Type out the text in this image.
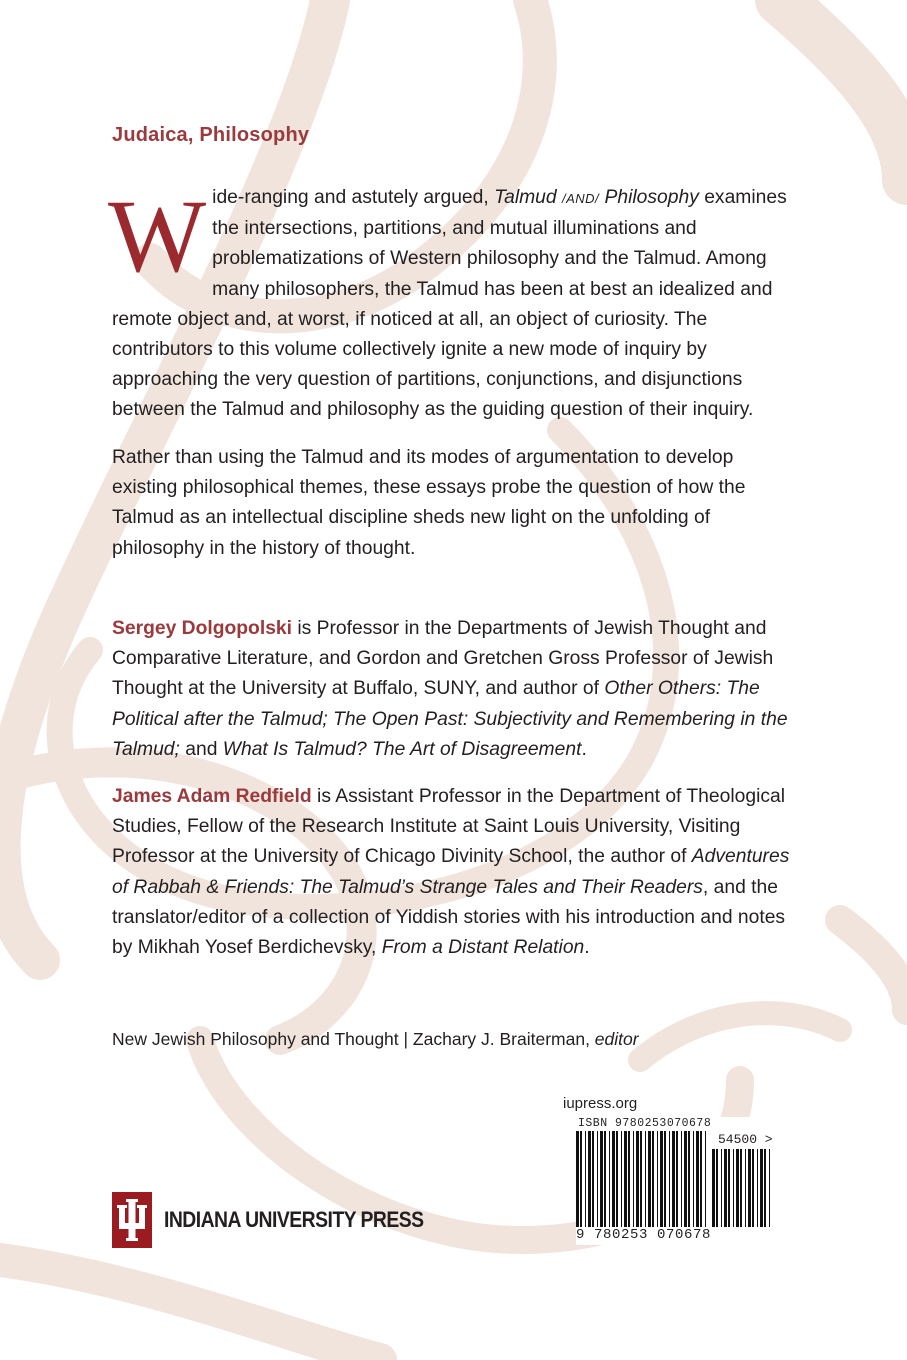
Judaica, Philosophy
Wide-ranging and astutely argued, Talmud /AND/ Philosophy examines the intersections, partitions, and mutual illuminations and problematizations of Western philosophy and the Talmud. Among many philosophers, the Talmud has been at best an idealized and remote object and, at worst, if noticed at all, an object of curiosity. The contributors to this volume collectively ignite a new mode of inquiry by approaching the very question of partitions, conjunctions, and disjunctions between the Talmud and philosophy as the guiding question of their inquiry.

Rather than using the Talmud and its modes of argumentation to develop existing philosophical themes, these essays probe the question of how the Talmud as an intellectual discipline sheds new light on the unfolding of philosophy in the history of thought.

Sergey Dolgopolski is Professor in the Departments of Jewish Thought and Comparative Literature, and Gordon and Gretchen Gross Professor of Jewish Thought at the University at Buffalo, SUNY, and author of Other Others: The Political after the Talmud; The Open Past: Subjectivity and Remembering in the Talmud; and What Is Talmud? The Art of Disagreement.
James Adam Redfield is Assistant Professor in the Department of Theological Studies, Fellow of the Research Institute at Saint Louis University, Visiting Professor at the University of Chicago Divinity School, the author of Adventures of Rabbah & Friends: The Talmud’s Strange Tales and Their Readers, and the translator/editor of a collection of Yiddish stories with his introduction and notes by Mikhah Yosef Berdichevsky, From a Distant Relation.
New Jewish Philosophy and Thought | Zachary J. Braiterman, editor
iupress.org
ISBN 9780253070678
54500 >
9 780253 070678
INDIANA UNIVERSITY PRESS
